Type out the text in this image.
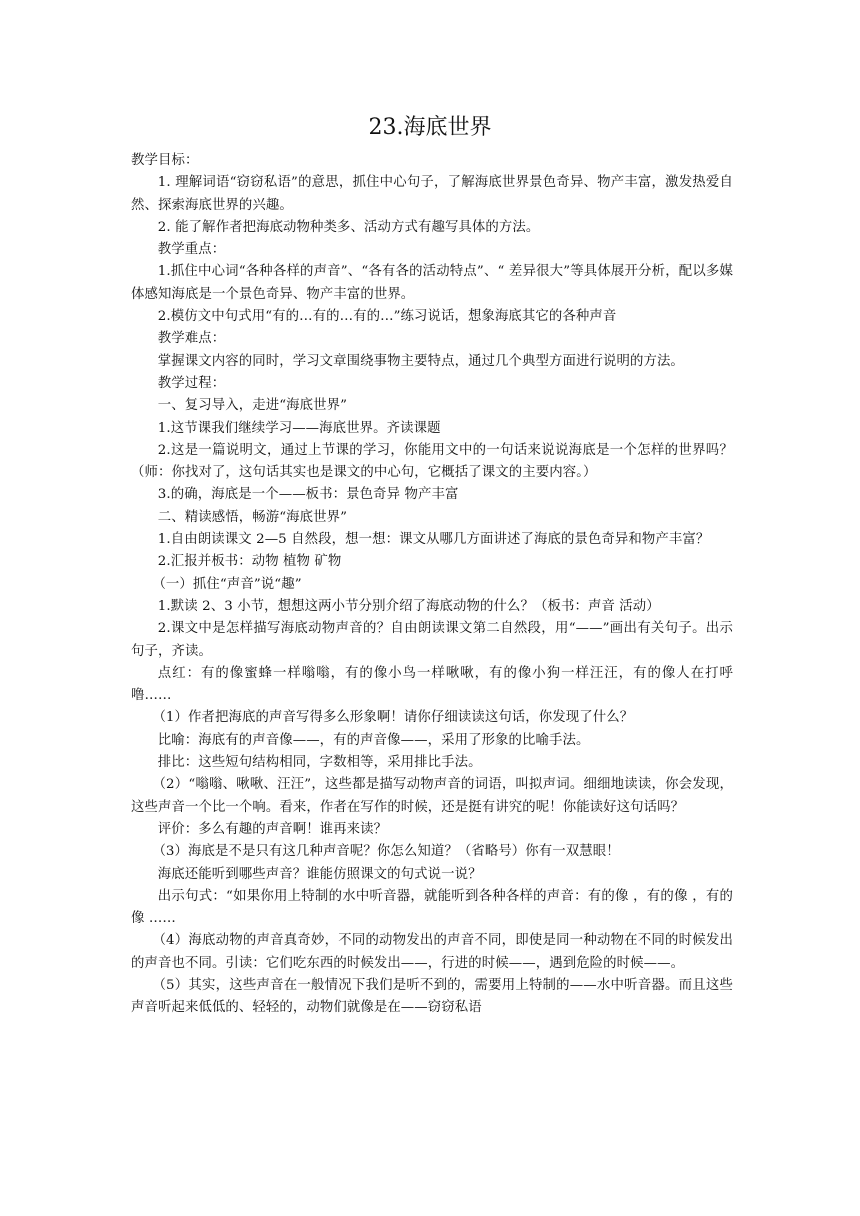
23.海底世界

教学目标：

1. 理解词语“窃窃私语”的意思，抓住中心句子，了解海底世界景色奇异、物产丰富，激发热爱自然、探索海底世界的兴趣。

2. 能了解作者把海底动物种类多、活动方式有趣写具体的方法。

教学重点：

1.抓住中心词“各种各样的声音”、“各有各的活动特点”、“ 差异很大”等具体展开分析，配以多媒体感知海底是一个景色奇异、物产丰富的世界。

2.模仿文中句式用“有的…有的…有的…”练习说话，想象海底其它的各种声音

教学难点：

掌握课文内容的同时，学习文章围绕事物主要特点，通过几个典型方面进行说明的方法。

教学过程：

一、复习导入，走进“海底世界”

1.这节课我们继续学习——海底世界。齐读课题

2.这是一篇说明文，通过上节课的学习，你能用文中的一句话来说说海底是一个怎样的世界吗？（师：你找对了，这句话其实也是课文的中心句，它概括了课文的主要内容。）

3.的确，海底是一个——板书：景色奇异 物产丰富

二、精读感悟，畅游“海底世界”

1.自由朗读课文 2—5 自然段，想一想：课文从哪几方面讲述了海底的景色奇异和物产丰富？

2.汇报并板书：动物 植物 矿物

（一）抓住“声音”说“趣”

1.默读 2、3 小节，想想这两小节分别介绍了海底动物的什么？（板书：声音 活动）

2.课文中是怎样描写海底动物声音的？自由朗读课文第二自然段，用“——”画出有关句子。出示句子，齐读。

点红：有的像蜜蜂一样嗡嗡，有的像小鸟一样啾啾，有的像小狗一样汪汪，有的像人在打呼噜……

（1）作者把海底的声音写得多么形象啊！请你仔细读读这句话，你发现了什么？

比喻：海底有的声音像——，有的声音像——，采用了形象的比喻手法。

排比：这些短句结构相同，字数相等，采用排比手法。

（2）“嗡嗡、啾啾、汪汪”，这些都是描写动物声音的词语，叫拟声词。细细地读读，你会发现，这些声音一个比一个响。看来，作者在写作的时候，还是挺有讲究的呢！你能读好这句话吗？

评价：多么有趣的声音啊！谁再来读？

（3）海底是不是只有这几种声音呢？你怎么知道？（省略号）你有一双慧眼！

海底还能听到哪些声音？谁能仿照课文的句式说一说？

出示句式：“如果你用上特制的水中听音器，就能听到各种各样的声音：有的像 ，有的像 ，有的像 ……

（4）海底动物的声音真奇妙，不同的动物发出的声音不同，即使是同一种动物在不同的时候发出的声音也不同。引读：它们吃东西的时候发出——，行进的时候——，遇到危险的时候——。

（5）其实，这些声音在一般情况下我们是听不到的，需要用上特制的——水中听音器。而且这些声音听起来低低的、轻轻的，动物们就像是在——窃窃私语
